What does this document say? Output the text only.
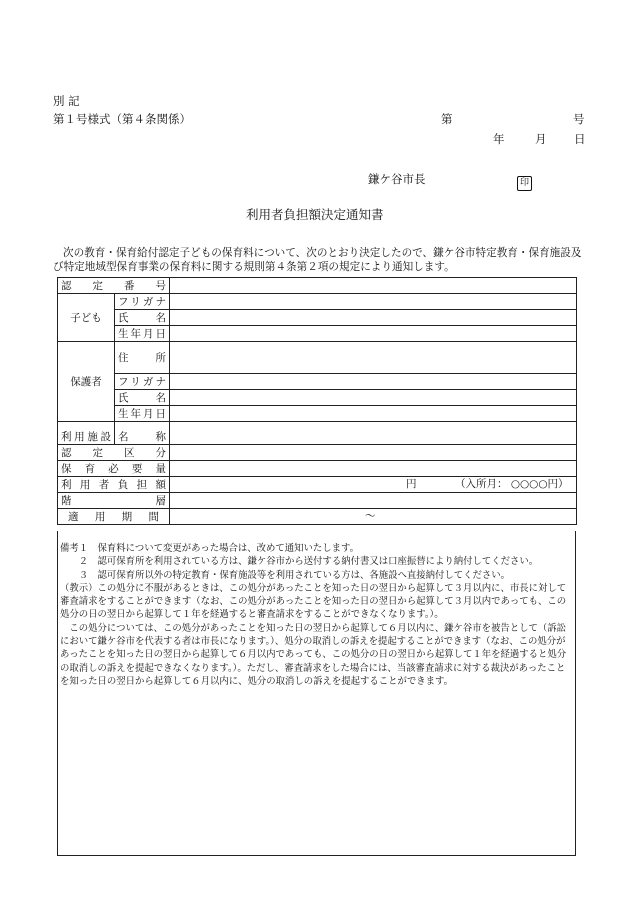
別 記
第１号様式（第４条関係）	第	号
年	月 日
鎌ケ谷市長	印
利用者負担額決定通知書
次の教育・保育給付認定子どもの保育料について、次のとおり決定したので、鎌ケ谷市特定教育・保育施設及び特定地域型保育事業の保育料に関する規則第４条第２項の規定により通知します。
認 定 番 号		
子ども	フリガナ	
	氏 名	
	生年月日	
保護者	住 所	
	フリガナ	
	氏 名	
	生年月日	
利用施設	名 称	
認 定 区 分		
保 育 必 要 量		
利 用 者 負 担 額		円 （入所月： ○○○○円）

階 層		
適 用 期 間		～

備考１　保育料について変更があった場合は、改めて通知いたします。

　　２　認可保育所を利用されている方は、鎌ケ谷市から送付する納付書又は口座振替により納付してください。

　　３　認可保育所以外の特定教育・保育施設等を利用されている方は、各施設へ直接納付してください。

（教示）この処分に不服があるときは、この処分があったことを知った日の翌日から起算して３月以内に、市長に対して審査請求をすることができます（なお、この処分があったことを知った日の翌日から起算して３月以内であっても、この処分の日の翌日から起算して１年を経過すると審査請求をすることができなくなります。）。

　この処分については、この処分があったことを知った日の翌日から起算して６月以内に、鎌ケ谷市を被告として（訴訟において鎌ケ谷市を代表する者は市長になります。）、処分の取消しの訴えを提起することができます（なお、この処分があったことを知った日の翌日から起算して６月以内であっても、この処分の日の翌日から起算して１年を経過すると処分の取消しの訴えを提起できなくなります。）。ただし、審査請求をした場合には、当該審査請求に対する裁決があったことを知った日の翌日から起算して６月以内に、処分の取消しの訴えを提起することができます。
